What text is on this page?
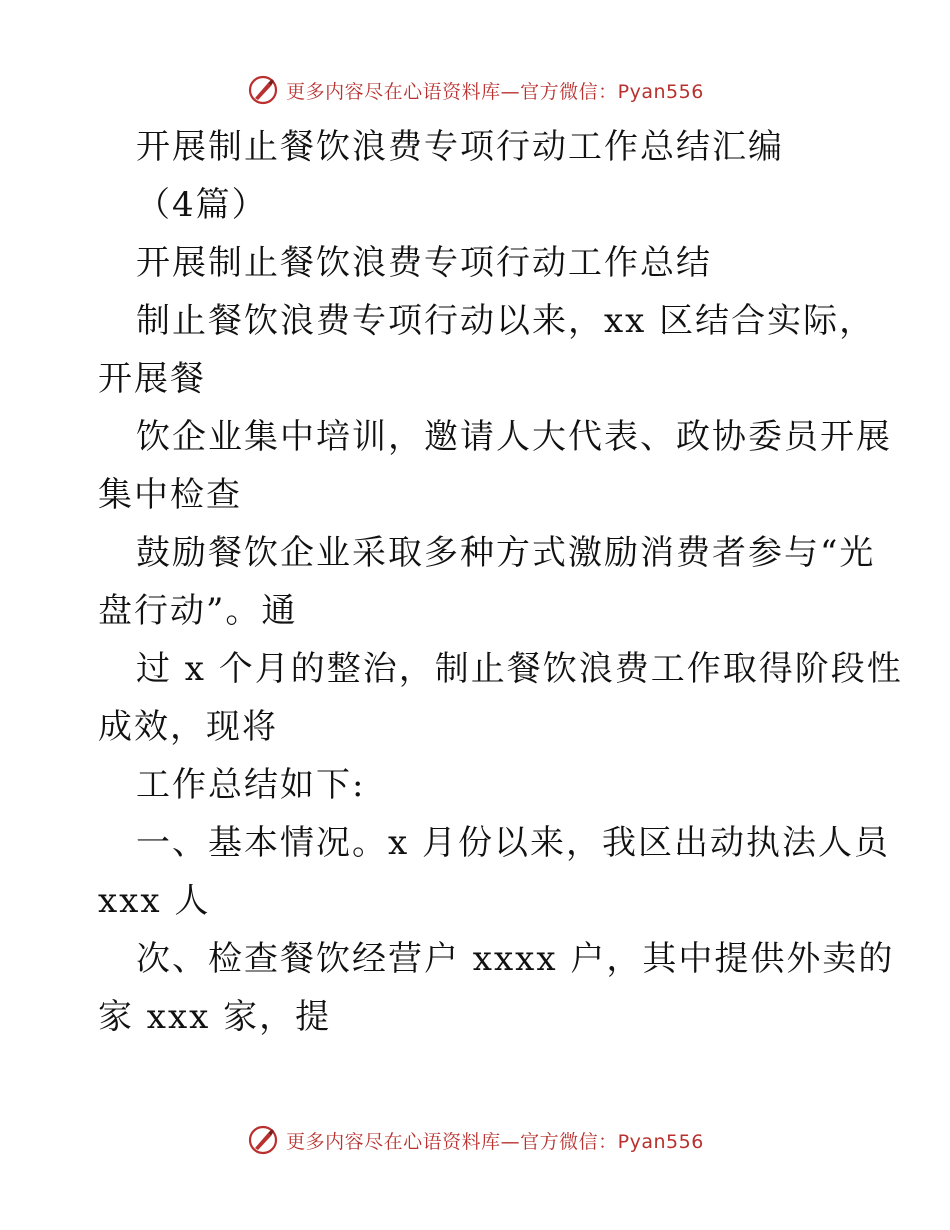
更多内容尽在心语资料库—官方微信：Pyan556
开展制止餐饮浪费专项行动工作总结汇编
（4篇）
开展制止餐饮浪费专项行动工作总结
制止餐饮浪费专项行动以来，xx 区结合实际，
开展餐
饮企业集中培训，邀请人大代表、政协委员开展
集中检查
鼓励餐饮企业采取多种方式激励消费者参与“光
盘行动”。通
过 x 个月的整治，制止餐饮浪费工作取得阶段性
成效，现将
工作总结如下:
一、基本情况。x 月份以来，我区出动执法人员
xxx 人
次、检查餐饮经营户 xxxx 户，其中提供外卖的
家 xxx 家，提
更多内容尽在心语资料库—官方微信：Pyan556
